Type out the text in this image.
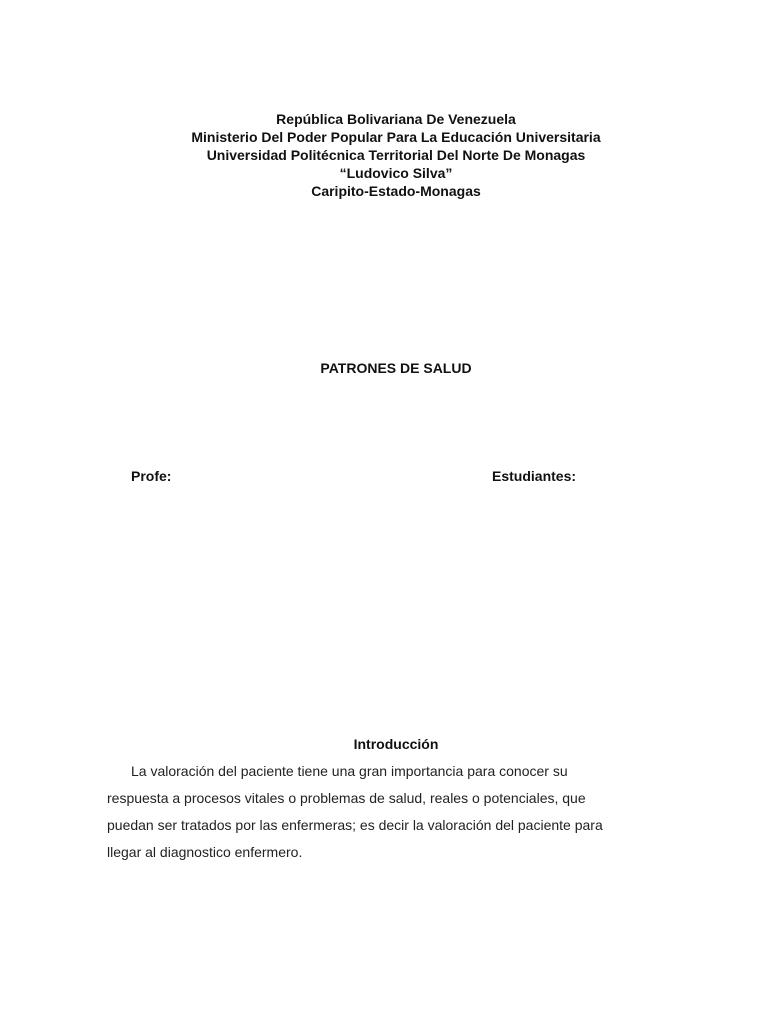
República Bolivariana De Venezuela
Ministerio Del Poder Popular Para La Educación Universitaria
Universidad Politécnica Territorial Del Norte De Monagas
“Ludovico Silva”
Caripito-Estado-Monagas
PATRONES DE SALUD
Profe:	Estudiantes:
Introducción
La valoración del paciente tiene una gran importancia para conocer su
respuesta a procesos vitales o problemas de salud, reales o potenciales, que
puedan ser tratados por las enfermeras; es decir la valoración del paciente para
llegar al diagnostico enfermero.
